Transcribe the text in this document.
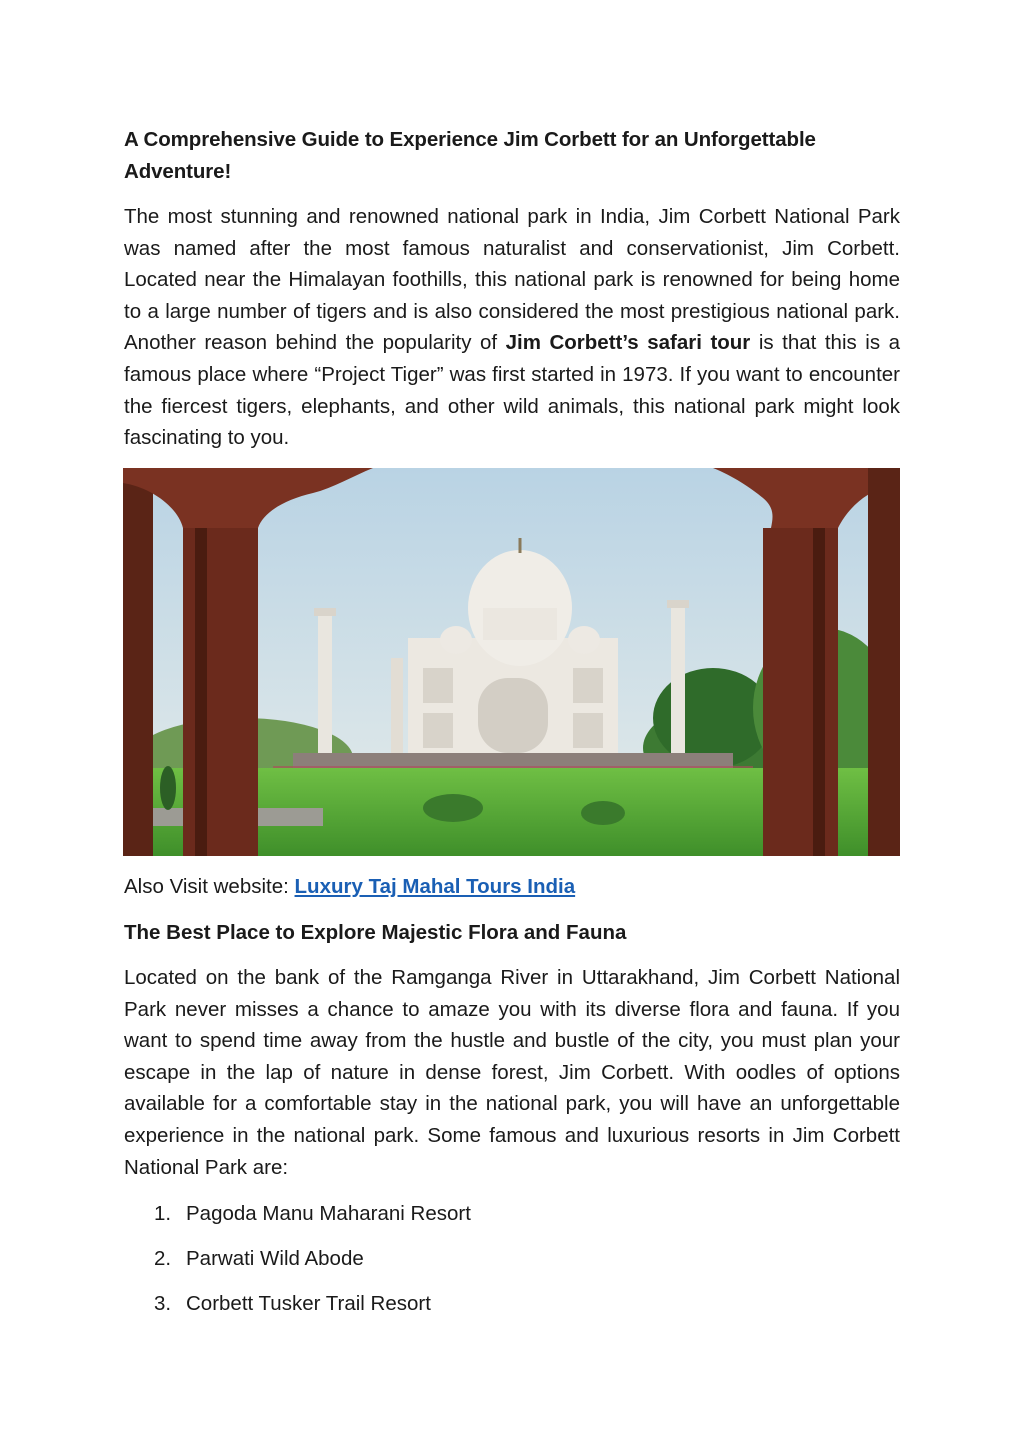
A Comprehensive Guide to Experience Jim Corbett for an Unforgettable Adventure!

The most stunning and renowned national park in India, Jim Corbett National Park was named after the most famous naturalist and conservationist, Jim Corbett. Located near the Himalayan foothills, this national park is renowned for being home to a large number of tigers and is also considered the most prestigious national park. Another reason behind the popularity of Jim Corbett’s safari tour is that this is a famous place where “Project Tiger” was first started in 1973. If you want to encounter the fiercest tigers, elephants, and other wild animals, this national park might look fascinating to you.

Also Visit website: Luxury Taj Mahal Tours India
The Best Place to Explore Majestic Flora and Fauna

Located on the bank of the Ramganga River in Uttarakhand, Jim Corbett National Park never misses a chance to amaze you with its diverse flora and fauna. If you want to spend time away from the hustle and bustle of the city, you must plan your escape in the lap of nature in dense forest, Jim Corbett. With oodles of options available for a comfortable stay in the national park, you will have an unforgettable experience in the national park. Some famous and luxurious resorts in Jim Corbett National Park are:

1. Pagoda Manu Maharani Resort
2. Parwati Wild Abode
3. Corbett Tusker Trail Resort
